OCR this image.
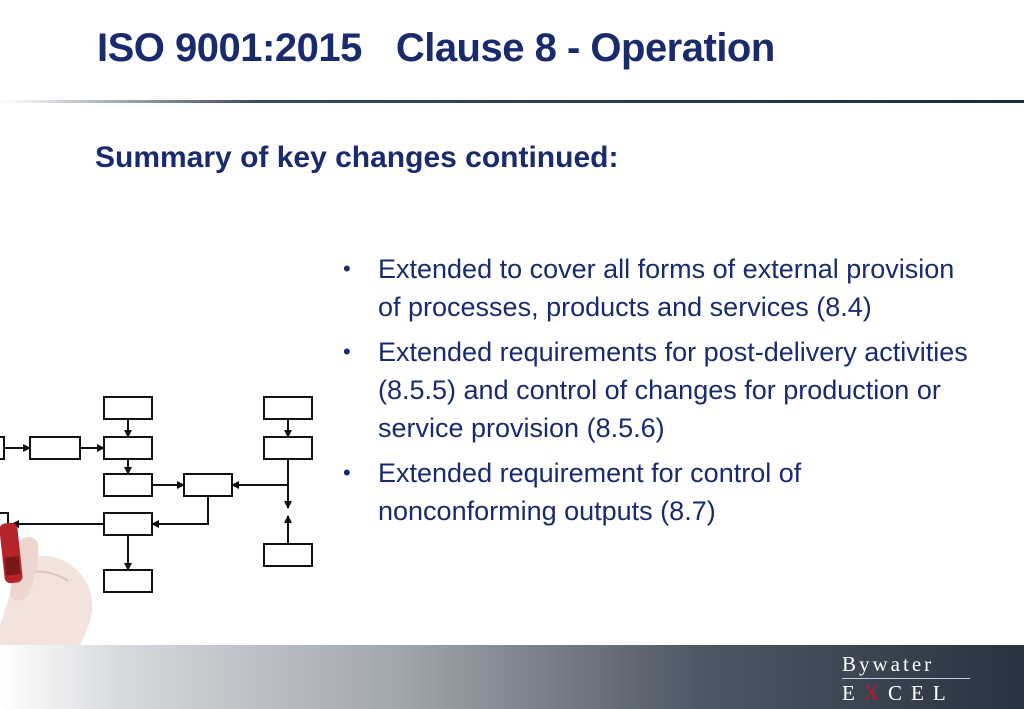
ISO 9001:2015 Clause 8 - Operation
Summary of key changes continued:
• Extended to cover all forms of external provision of processes, products and services (8.4)
• Extended requirements for post-delivery activities (8.5.5) and control of changes for production or service provision (8.5.6)
• Extended requirement for control of nonconforming outputs (8.7)
Bywater
EXCEL
